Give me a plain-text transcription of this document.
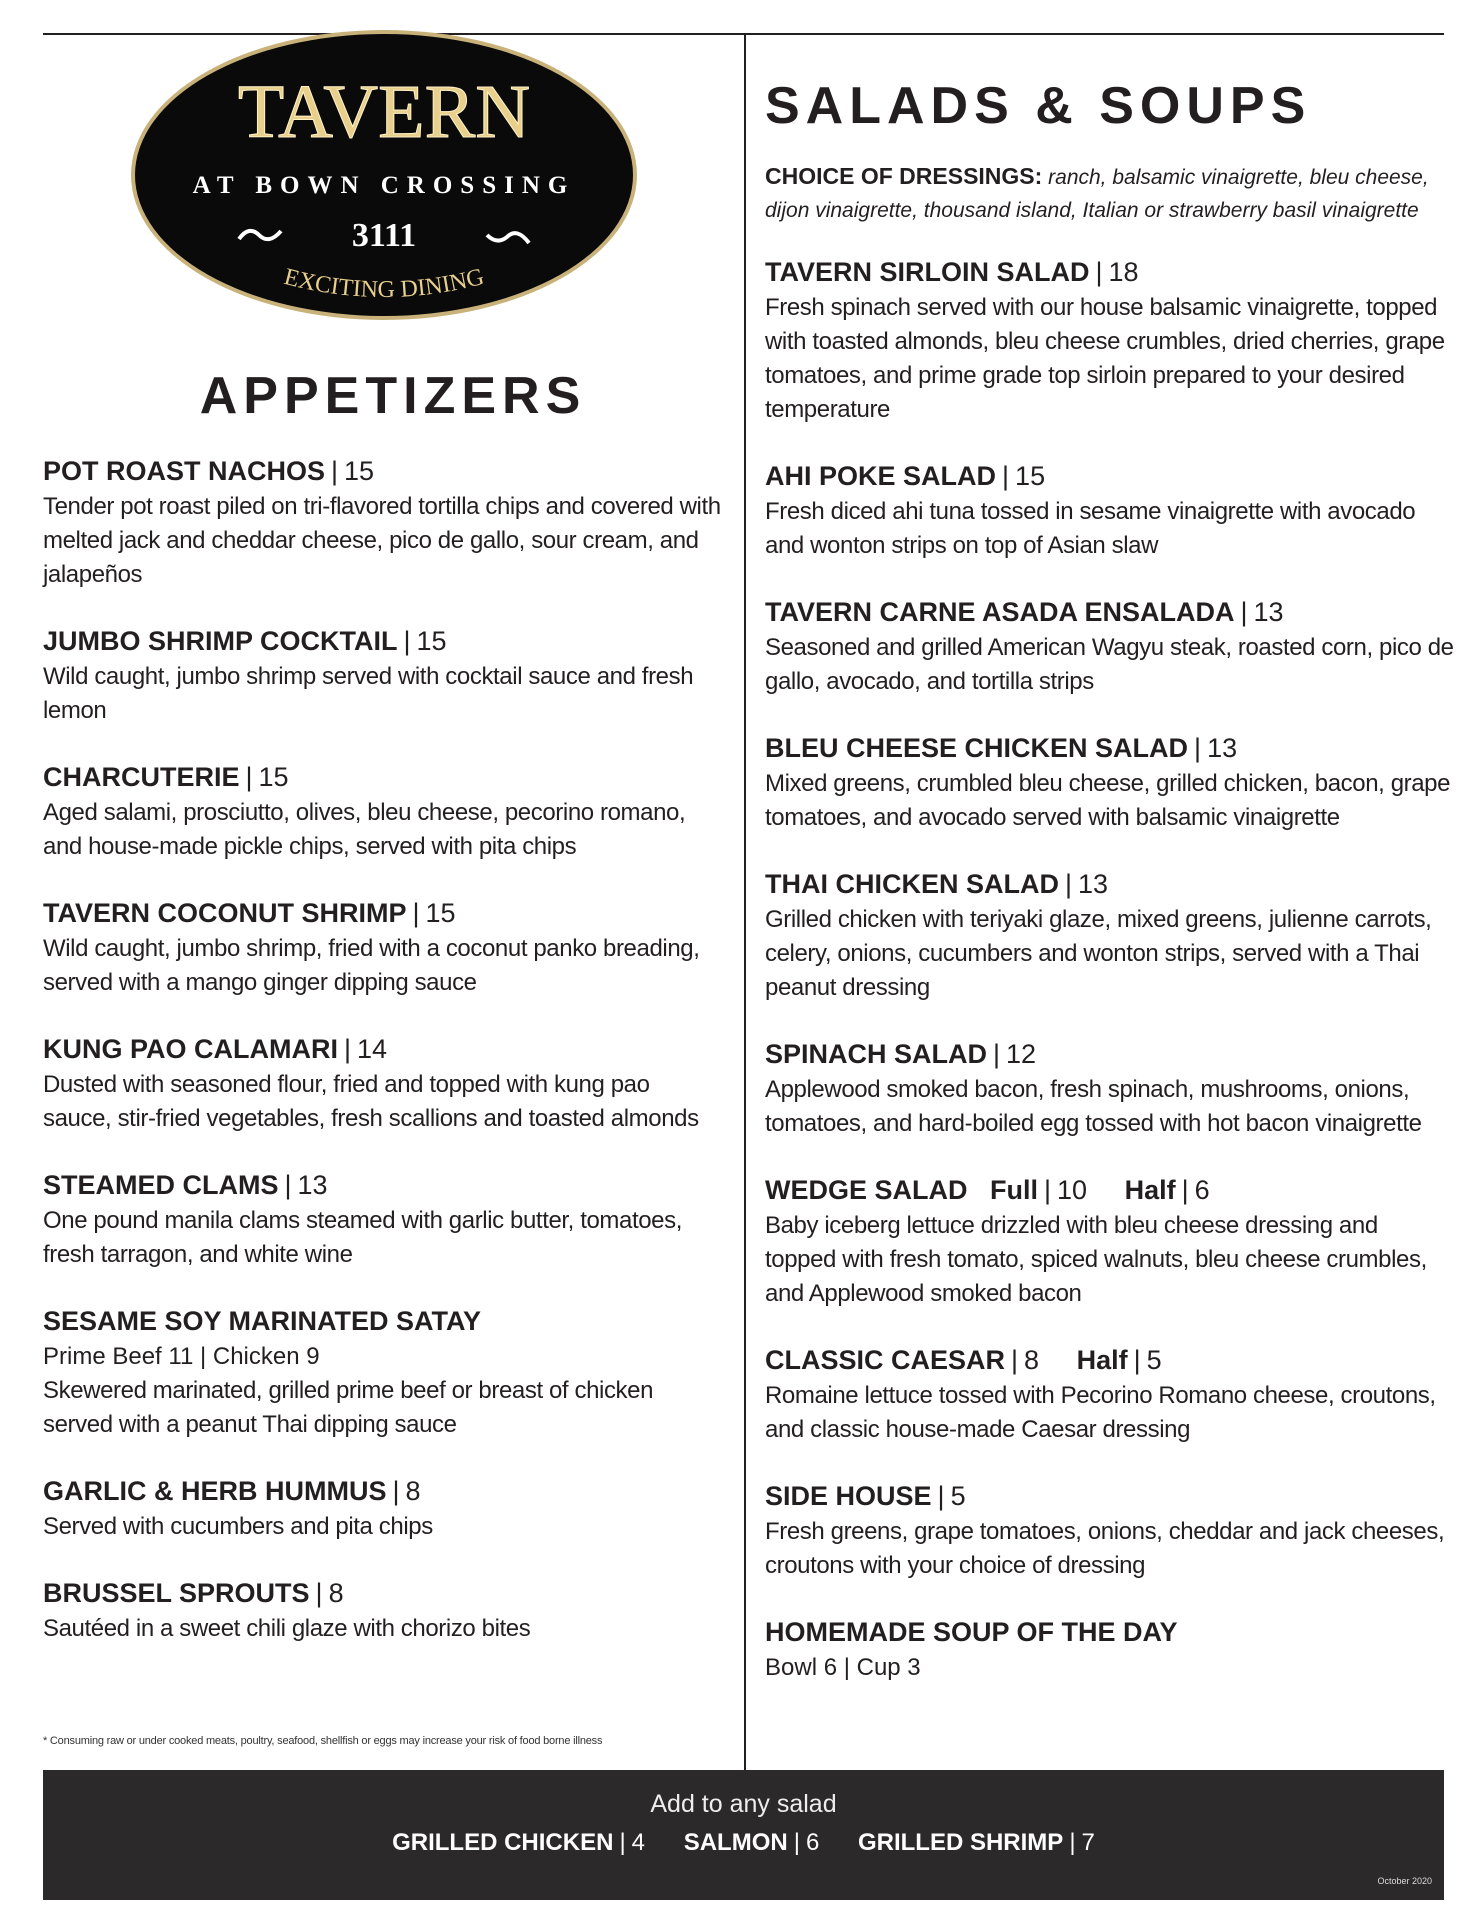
TAVERN
AT BOWN CROSSING
3111
EXCITING DINING
APPETIZERS
SALADS & SOUPS
POT ROAST NACHOS | 15

Tender pot roast piled on tri-flavored tortilla chips and covered with melted jack and cheddar cheese, pico de gallo, sour cream, and jalapeños

JUMBO SHRIMP COCKTAIL | 15

Wild caught, jumbo shrimp served with cocktail sauce and fresh lemon

CHARCUTERIE | 15

Aged salami, prosciutto, olives, bleu cheese, pecorino romano, and house-made pickle chips, served with pita chips

TAVERN COCONUT SHRIMP | 15

Wild caught, jumbo shrimp, fried with a coconut panko breading, served with a mango ginger dipping sauce

KUNG PAO CALAMARI | 14

Dusted with seasoned flour, fried and topped with kung pao sauce, stir-fried vegetables, fresh scallions and toasted almonds

STEAMED CLAMS | 13

One pound manila clams steamed with garlic butter, tomatoes, fresh tarragon, and white wine

SESAME SOY MARINATED SATAY

Prime Beef 11 | Chicken 9

Skewered marinated, grilled prime beef or breast of chicken served with a peanut Thai dipping sauce

GARLIC & HERB HUMMUS | 8

Served with cucumbers and pita chips

BRUSSEL SPROUTS | 8

Sautéed in a sweet chili glaze with chorizo bites

* Consuming raw or under cooked meats, poultry, seafood, shellfish or eggs may increase your risk of food borne illness

CHOICE OF DRESSINGS: ranch, balsamic vinaigrette, bleu cheese, dijon vinaigrette, thousand island, Italian or strawberry basil vinaigrette

TAVERN SIRLOIN SALAD | 18

Fresh spinach served with our house balsamic vinaigrette, topped with toasted almonds, bleu cheese crumbles, dried cherries, grape tomatoes, and prime grade top sirloin prepared to your desired temperature

AHI POKE SALAD | 15

Fresh diced ahi tuna tossed in sesame vinaigrette with avocado and wonton strips on top of Asian slaw

TAVERN CARNE ASADA ENSALADA | 13

Seasoned and grilled American Wagyu steak, roasted corn, pico de gallo, avocado, and tortilla strips

BLEU CHEESE CHICKEN SALAD | 13

Mixed greens, crumbled bleu cheese, grilled chicken, bacon, grape tomatoes, and avocado served with balsamic vinaigrette

THAI CHICKEN SALAD | 13

Grilled chicken with teriyaki glaze, mixed greens, julienne carrots, celery, onions, cucumbers and wonton strips, served with a Thai peanut dressing

SPINACH SALAD | 12

Applewood smoked bacon, fresh spinach, mushrooms, onions, tomatoes, and hard-boiled egg tossed with hot bacon vinaigrette

WEDGE SALAD Full | 10 Half | 6

Baby iceberg lettuce drizzled with bleu cheese dressing and topped with fresh tomato, spiced walnuts, bleu cheese crumbles, and Applewood smoked bacon

CLASSIC CAESAR | 8 Half | 5

Romaine lettuce tossed with Pecorino Romano cheese, croutons, and classic house-made Caesar dressing

SIDE HOUSE | 5

Fresh greens, grape tomatoes, onions, cheddar and jack cheeses, croutons with your choice of dressing

HOMEMADE SOUP OF THE DAY

Bowl 6 | Cup 3

Add to any salad
GRILLED CHICKEN | 4 SALMON | 6 GRILLED SHRIMP | 7
October 2020
